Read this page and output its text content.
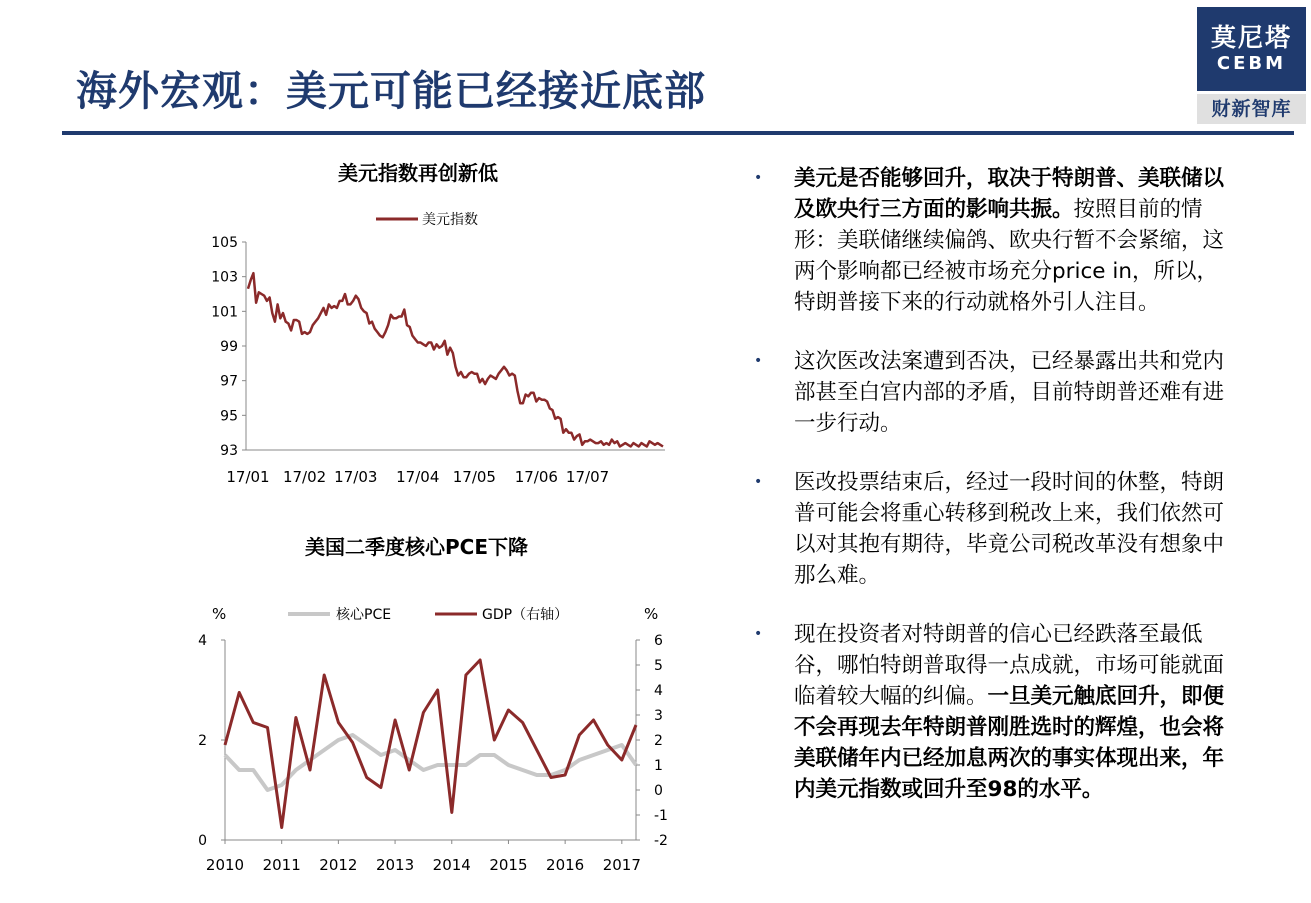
海外宏观：美元可能已经接近底部
莫尼塔
CEBM
财新智库
美元指数再创新低
美元指数
105
103
101
99
97
95
93
17/01 17/02 17/03 17/04 17/05 17/06 17/07
美国二季度核心PCE下降
%	%
核心PCE	GDP（右轴）
4
2
0
6
5
4
3
2
1
0
-1
-2
2010 2011 2012 2013 2014 2015 2016 2017
• 美元是否能够回升，取决于特朗普、美联储以及欧央行三方面的影响共振。按照目前的情形：美联储继续偏鸽、欧央行暂不会紧缩，这两个影响都已经被市场充分price in，所以，特朗普接下来的行动就格外引人注目。
• 这次医改法案遭到否决，已经暴露出共和党内部甚至白宫内部的矛盾，目前特朗普还难有进一步行动。
• 医改投票结束后，经过一段时间的休整，特朗普可能会将重心转移到税改上来，我们依然可以对其抱有期待，毕竟公司税改革没有想象中那么难。
• 现在投资者对特朗普的信心已经跌落至最低谷，哪怕特朗普取得一点成就，市场可能就面临着较大幅的纠偏。一旦美元触底回升，即便不会再现去年特朗普刚胜选时的辉煌，也会将美联储年内已经加息两次的事实体现出来，年内美元指数或回升至98的水平。
